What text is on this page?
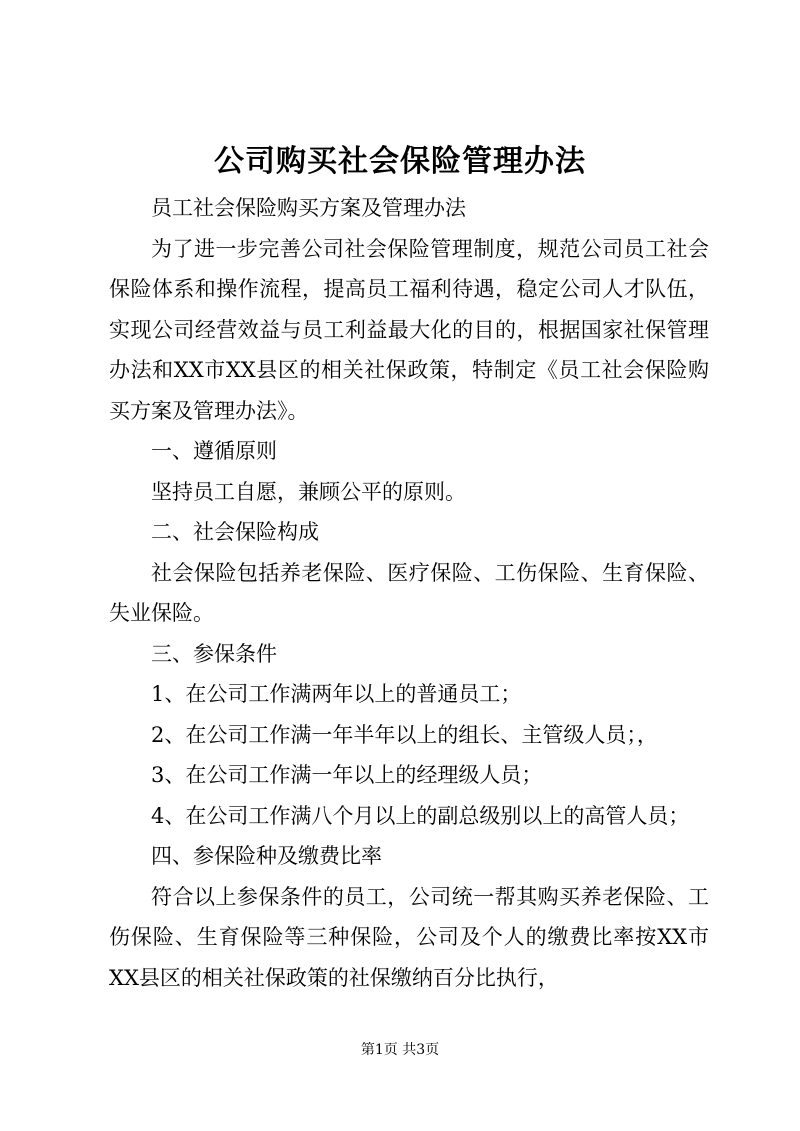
公司购买社会保险管理办法

员工社会保险购买方案及管理办法

为了进一步完善公司社会保险管理制度，规范公司员工社会保险体系和操作流程，提高员工福利待遇，稳定公司人才队伍，实现公司经营效益与员工利益最大化的目的，根据国家社保管理办法和XX市XX县区的相关社保政策，特制定《员工社会保险购买方案及管理办法》。

一、遵循原则

坚持员工自愿，兼顾公平的原则。

二、社会保险构成

社会保险包括养老保险、医疗保险、工伤保险、生育保险、失业保险。

三、参保条件

1、在公司工作满两年以上的普通员工；

2、在公司工作满一年半年以上的组长、主管级人员；，

3、在公司工作满一年以上的经理级人员；

4、在公司工作满八个月以上的副总级别以上的高管人员；

四、参保险种及缴费比率

符合以上参保条件的员工，公司统一帮其购买养老保险、工伤保险、生育保险等三种保险，公司及个人的缴费比率按XX市XX县区的相关社保政策的社保缴纳百分比执行，

第1页 共3页
